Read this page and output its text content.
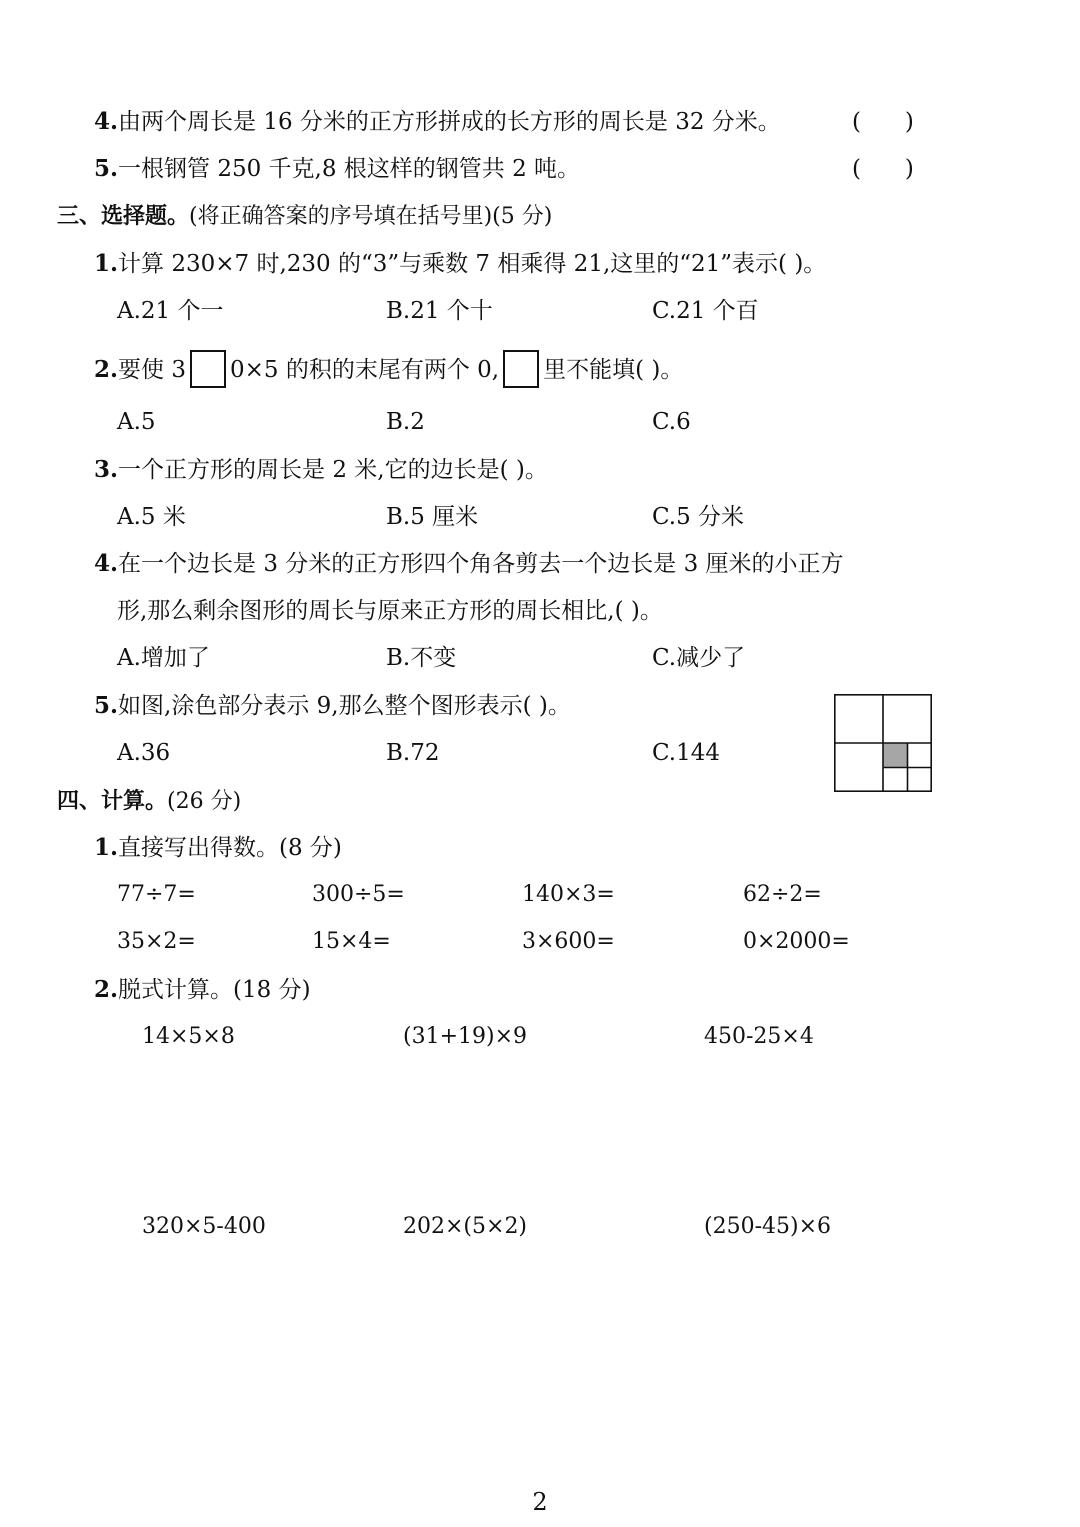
4.由两个周长是 16 分米的正方形拼成的长方形的周长是 32 分米。	(      )
5.一根钢管 250 千克,8 根这样的钢管共 2 吨。	(      )
三、选择题。(将正确答案的序号填在括号里)(5 分)
1.计算 230×7 时,230 的“3”与乘数 7 相乘得 21,这里的“21”表示( )。
A.21 个一	B.21 个十	C.21 个百
2.要使 3 0×5 的积的末尾有两个 0, 里不能填( )。
A.5	B.2	C.6
3.一个正方形的周长是 2 米,它的边长是( )。
A.5 米	B.5 厘米	C.5 分米
4.在一个边长是 3 分米的正方形四个角各剪去一个边长是 3 厘米的小正方
形,那么剩余图形的周长与原来正方形的周长相比,( )。
A.增加了	B.不变	C.减少了
5.如图,涂色部分表示 9,那么整个图形表示( )。
A.36	B.72	C.144
四、计算。(26 分)
1.直接写出得数。(8 分)
77÷7=	300÷5=	140×3=	62÷2=
35×2=	15×4=	3×600=	0×2000=
2.脱式计算。(18 分)
14×5×8	(31+19)×9	450-25×4
320×5-400	202×(5×2)	(250-45)×6
2
